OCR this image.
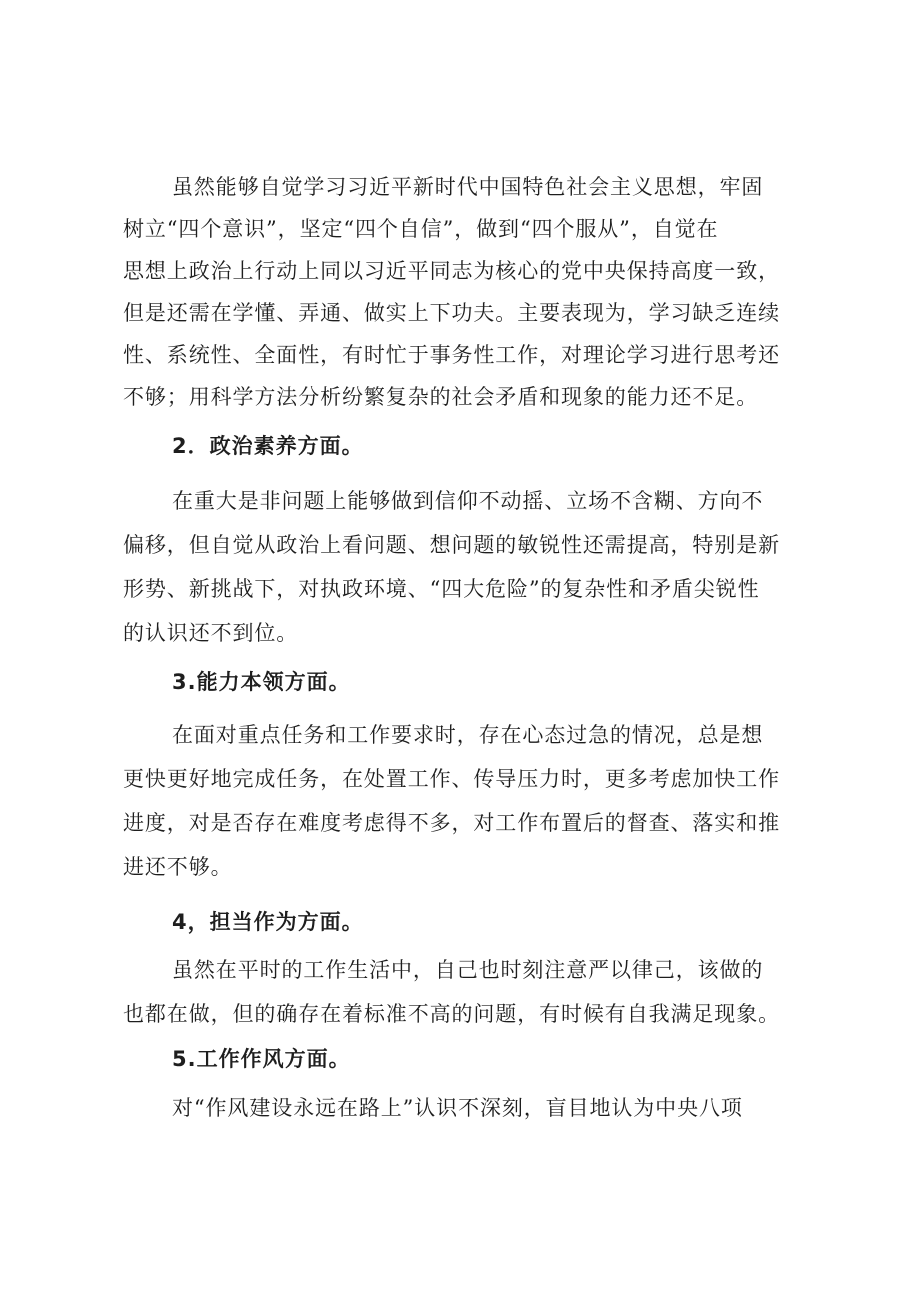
虽然能够自觉学习习近平新时代中国特色社会主义思想，牢固
树立“四个意识”，坚定“四个自信”，做到“四个服从”，自觉在
思想上政治上行动上同以习近平同志为核心的党中央保持高度一致，
但是还需在学懂、弄通、做实上下功夫。主要表现为，学习缺乏连续
性、系统性、全面性，有时忙于事务性工作，对理论学习进行思考还
不够；用科学方法分析纷繁复杂的社会矛盾和现象的能力还不足。
2．政治素养方面。
在重大是非问题上能够做到信仰不动摇、立场不含糊、方向不
偏移，但自觉从政治上看问题、想问题的敏锐性还需提高，特别是新
形势、新挑战下，对执政环境、“四大危险”的复杂性和矛盾尖锐性
的认识还不到位。
3.能力本领方面。
在面对重点任务和工作要求时，存在心态过急的情况，总是想
更快更好地完成任务，在处置工作、传导压力时，更多考虑加快工作
进度，对是否存在难度考虑得不多，对工作布置后的督查、落实和推
进还不够。
4，担当作为方面。
虽然在平时的工作生活中，自己也时刻注意严以律己，该做的
也都在做，但的确存在着标准不高的问题，有时候有自我满足现象。
5.工作作风方面。
对“作风建设永远在路上”认识不深刻，盲目地认为中央八项
